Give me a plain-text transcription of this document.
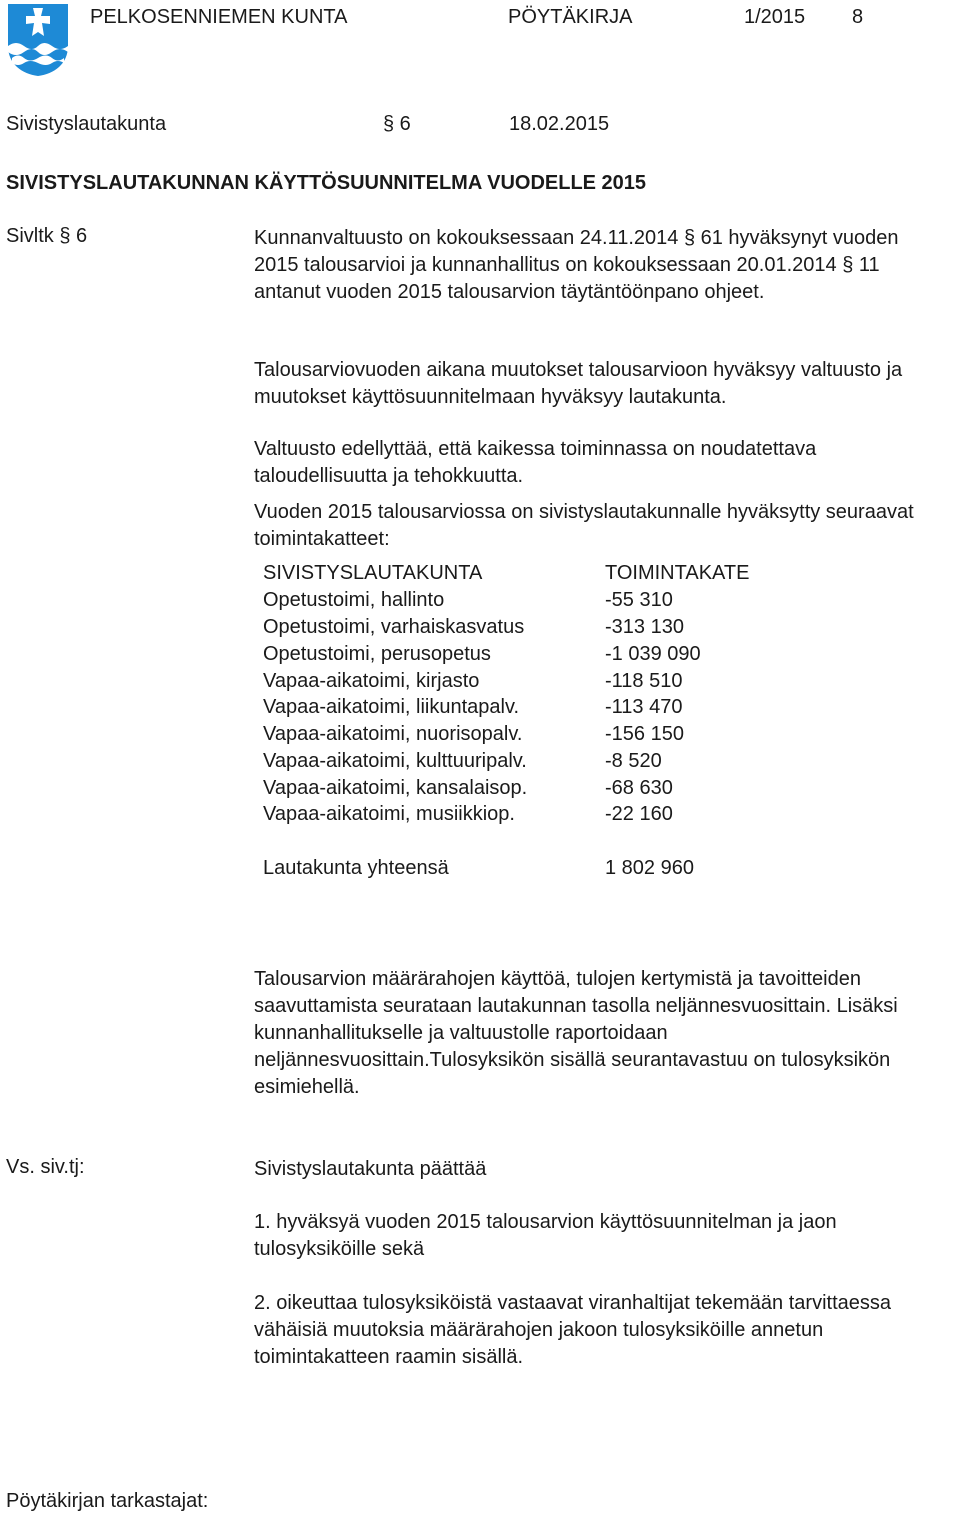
PELKOSENNIEMEN KUNTA	PÖYTÄKIRJA	1/2015 8
Sivistyslautakunta	§ 6	18.02.2015
SIVISTYSLAUTAKUNNAN KÄYTTÖSUUNNITELMA VUODELLE 2015
Sivltk § 6	Kunnanvaltuusto on kokouksessaan 24.11.2014 § 61 hyväksynyt vuoden 2015 talousarvioi ja kunnanhallitus on kokouksessaan 20.01.2014 § 11 antanut vuoden 2015 talousarvion täytäntöönpano ohjeet.
Talousarviovuoden aikana muutokset talousarvioon hyväksyy valtuusto ja muutokset käyttösuunnitelmaan hyväksyy lautakunta.
Valtuusto edellyttää, että kaikessa toiminnassa on noudatettava taloudellisuutta ja tehokkuutta.
Vuoden 2015 talousarviossa on sivistyslautakunnalle hyväksytty seuraavat toimintakatteet:
SIVISTYSLAUTAKUNTA	TOIMINTAKATE
Opetustoimi, hallinto	-55 310
Opetustoimi, varhaiskasvatus	-313 130
Opetustoimi, perusopetus	-1 039 090
Vapaa-aikatoimi, kirjasto	-118 510
Vapaa-aikatoimi, liikuntapalv.	-113 470
Vapaa-aikatoimi, nuorisopalv.	-156 150
Vapaa-aikatoimi, kulttuuripalv.	-8 520
Vapaa-aikatoimi, kansalaisop.	-68 630
Vapaa-aikatoimi, musiikkiop.	-22 160
Lautakunta yhteensä	1 802 960
Talousarvion määrärahojen käyttöä, tulojen kertymistä ja tavoitteiden saavuttamista seurataan lautakunnan tasolla neljännesvuosittain. Lisäksi kunnanhallitukselle ja valtuustolle raportoidaan neljännesvuosittain.Tulosyksikön sisällä seurantavastuu on tulosyksikön esimiehellä.
Vs. siv.tj:	Sivistyslautakunta päättää
1. hyväksyä vuoden 2015 talousarvion käyttösuunnitelman ja jaon tulosyksiköille sekä
2. oikeuttaa tulosyksiköistä vastaavat viranhaltijat tekemään tarvittaessa vähäisiä muutoksia määrärahojen jakoon tulosyksiköille annetun toimintakatteen raamin sisällä.
Pöytäkirjan tarkastajat:
